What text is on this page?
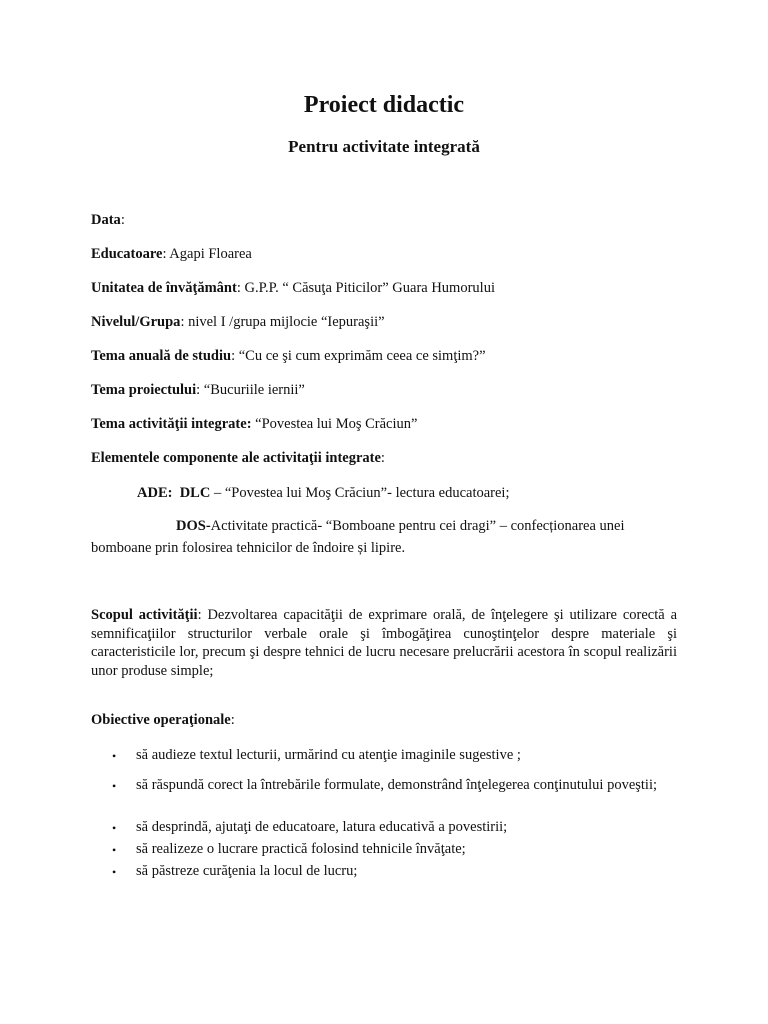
Proiect didactic
Pentru activitate integrată
Data:
Educatoare: Agapi Floarea
Unitatea de învăţământ: G.P.P. “ Căsuţa Piticilor” Guara Humorului
Nivelul/Grupa: nivel I /grupa mijlocie “Iepuraşii”
Tema anuală de studiu: “Cu ce şi cum exprimăm ceea ce simţim?”
Tema proiectului: “Bucuriile iernii”
Tema activităţii integrate: “Povestea lui Moş Crăciun”
Elementele componente ale activitaţii integrate:
ADE: DLC – “Povestea lui Moş Crăciun”- lectura educatoarei;
DOS-Activitate practică- “Bomboane pentru cei dragi” – confecționarea unei
bomboane prin folosirea tehnicilor de îndoire și lipire.
Scopul activităţii: Dezvoltarea capacităţii de exprimare orală, de înţelegere şi utilizare corectă a semnificaţiilor structurilor verbale orale şi îmbogăţirea cunoştinţelor despre materiale şi caracteristicile lor, precum şi despre tehnici de lucru necesare prelucrării acestora în scopul realizării unor produse simple;
Obiective operaţionale:
• să audieze textul lecturii, urmărind cu atenţie imaginile sugestive ;
• să răspundă corect la întrebările formulate, demonstrând înţelegerea conţinutului poveştii;
• să desprindă, ajutaţi de educatoare, latura educativă a povestirii;
• să realizeze o lucrare practică folosind tehnicile învăţate;
• să păstreze curăţenia la locul de lucru;
